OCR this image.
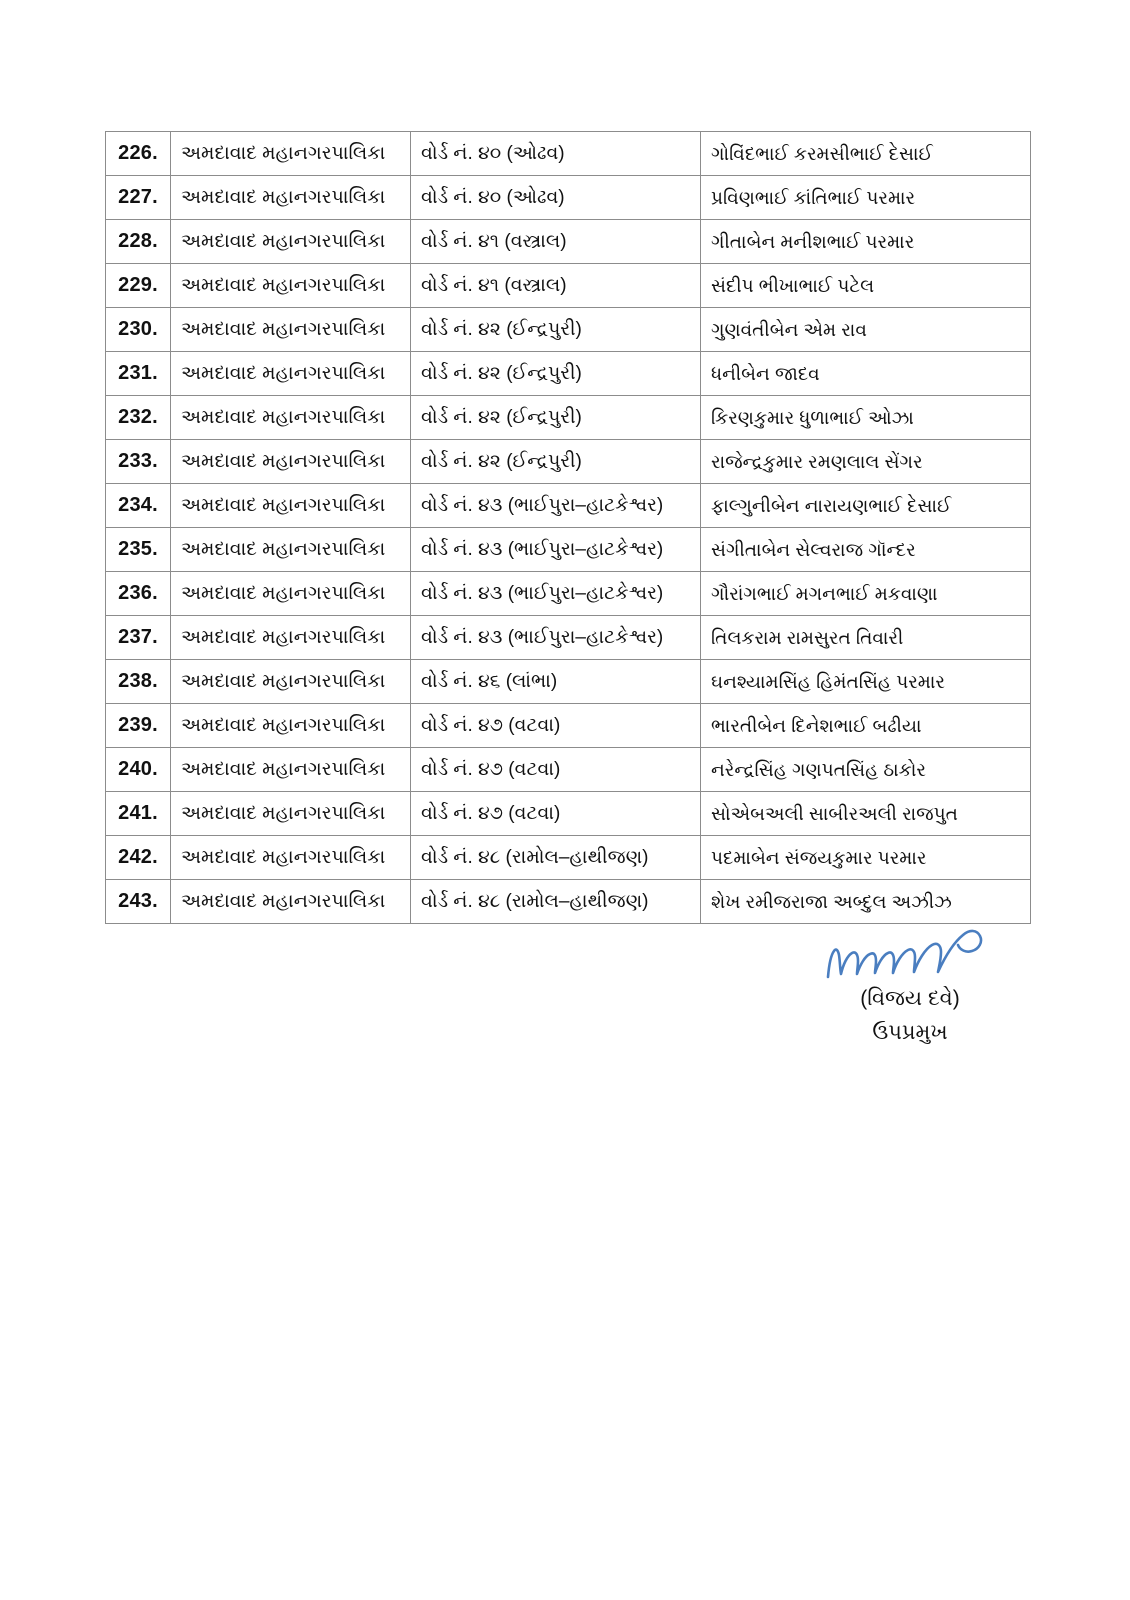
226.	અમદાવાદ મહાનગરપાલિકા	વોર્ડ નં. ૪૦ (ઓઢવ)	ગોવિંદભાઈ કરમસીભાઈ દેસાઈ
227.	અમદાવાદ મહાનગરપાલિકા	વોર્ડ નં. ૪૦ (ઓઢવ)	પ્રવિણભાઈ કાંતિભાઈ પરમાર
228.	અમદાવાદ મહાનગરપાલિકા	વોર્ડ નં. ૪૧ (વસ્ત્રાલ)	ગીતાબેન મનીશભાઈ પરમાર
229.	અમદાવાદ મહાનગરપાલિકા	વોર્ડ નં. ૪૧ (વસ્ત્રાલ)	સંદીપ ભીખાભાઈ પટેલ
230.	અમદાવાદ મહાનગરપાલિકા	વોર્ડ નં. ૪૨ (ઈન્દ્રપુરી)	ગુણવંતીબેન એમ રાવ
231.	અમદાવાદ મહાનગરપાલિકા	વોર્ડ નં. ૪૨ (ઈન્દ્રપુરી)	ધનીબેન જાદવ
232.	અમદાવાદ મહાનગરપાલિકા	વોર્ડ નં. ૪૨ (ઈન્દ્રપુરી)	કિરણકુમાર ધુળાભાઈ ઓઝા
233.	અમદાવાદ મહાનગરપાલિકા	વોર્ડ નં. ૪૨ (ઈન્દ્રપુરી)	રાજેન્દ્રકુમાર રમણલાલ સેંગર
234.	અમદાવાદ મહાનગરપાલિકા	વોર્ડ નં. ૪૩ (ભાઈપુરા–હાટકેશ્વર)	ફાલ્ગુનીબેન નારાયણભાઈ દેસાઈ
235.	અમદાવાદ મહાનગરપાલિકા	વોર્ડ નં. ૪૩ (ભાઈપુરા–હાટકેશ્વર)	સંગીતાબેન સેલ્વરાજ ગૉન્દર
236.	અમદાવાદ મહાનગરપાલિકા	વોર્ડ નં. ૪૩ (ભાઈપુરા–હાટકેશ્વર)	ગૌરાંગભાઈ મગનભાઈ મકવાણા
237.	અમદાવાદ મહાનગરપાલિકા	વોર્ડ નં. ૪૩ (ભાઈપુરા–હાટકેશ્વર)	તિલકરામ રામસુરત તિવારી
238.	અમદાવાદ મહાનગરપાલિકા	વોર્ડ નં. ૪૬ (લાંભા)	ઘનશ્યામસિંહ હિમંતસિંહ પરમાર
239.	અમદાવાદ મહાનગરપાલિકા	વોર્ડ નં. ૪૭ (વટવા)	ભારતીબેન દિનેશભાઈ બઢીયા
240.	અમદાવાદ મહાનગરપાલિકા	વોર્ડ નં. ૪૭ (વટવા)	નરેન્દ્રસિંહ ગણપતસિંહ ઠાકોર
241.	અમદાવાદ મહાનગરપાલિકા	વોર્ડ નં. ૪૭ (વટવા)	સોએબઅલી સાબીરઅલી રાજપુત
242.	અમદાવાદ મહાનગરપાલિકા	વોર્ડ નં. ૪૮ (રામોલ–હાથીજણ)	પદમાબેન સંજયકુમાર પરમાર
243.	અમદાવાદ મહાનગરપાલિકા	વોર્ડ નં. ૪૮ (રામોલ–હાથીજણ)	શેખ રમીજરાજા અબ્દુલ અઝીઝ
(વિજય દવે)
ઉપપ્રમુખ
